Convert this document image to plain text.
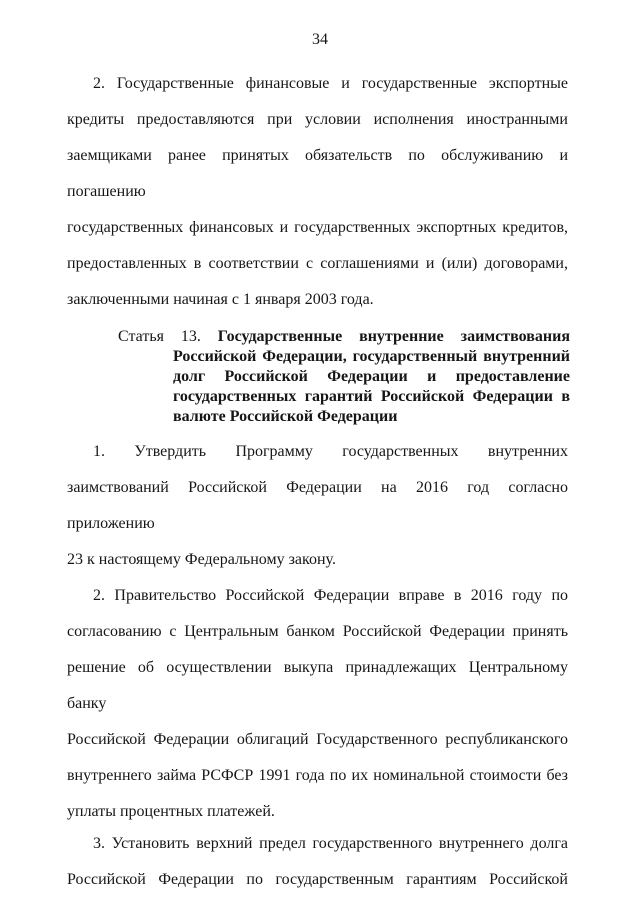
34
2. Государственные финансовые и государственные экспортные
кредиты предоставляются при условии исполнения иностранными
заемщиками ранее принятых обязательств по обслуживанию и погашению
государственных финансовых и государственных экспортных кредитов,
предоставленных в соответствии с соглашениями и (или) договорами,
заключенными начиная с 1 января 2003 года.
Статья 13. Государственные внутренние заимствования
Российской Федерации, государственный внутренний
долг Российской Федерации и предоставление
государственных гарантий Российской Федерации в
валюте Российской Федерации
1. Утвердить Программу государственных внутренних
заимствований Российской Федерации на 2016 год согласно приложению
23 к настоящему Федеральному закону.
2. Правительство Российской Федерации вправе в 2016 году по
согласованию с Центральным банком Российской Федерации принять
решение об осуществлении выкупа принадлежащих Центральному банку
Российской Федерации облигаций Государственного республиканского
внутреннего займа РСФСР 1991 года по их номинальной стоимости без
уплаты процентных платежей.
3. Установить верхний предел государственного внутреннего долга
Российской Федерации по государственным гарантиям Российской
